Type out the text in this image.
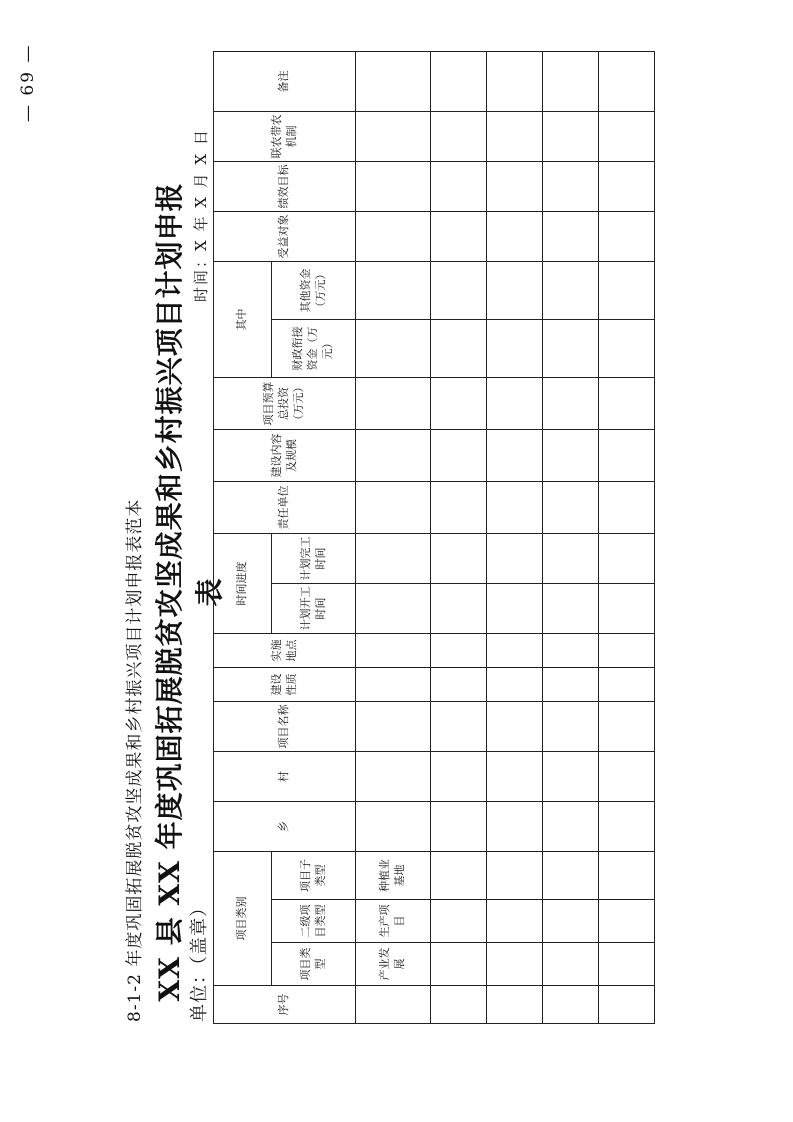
— 69 —
8-1-2 年度巩固拓展脱贫攻坚成果和乡村振兴项目计划申报表范本 XX 县 XX 年度巩固拓展脱贫攻坚成果和乡村振兴项目计划申报表
单位：（盖章）
时间：X 年 X 月 X 日
序号	项目类别			乡	村	项目名称	建设性质	实施地点	时间进度		责任单位	建设内容及规模	项目预算总投资（万元）	其中		受益对象	绩效目标	联农带农机制	备注
	项目类型	二级项目类型	项目子类型						计划开工时间	计划完工时间				财政衔接资金（万元）	其他资金（万元）				
	产业发展	生产项目	种植业基地																
